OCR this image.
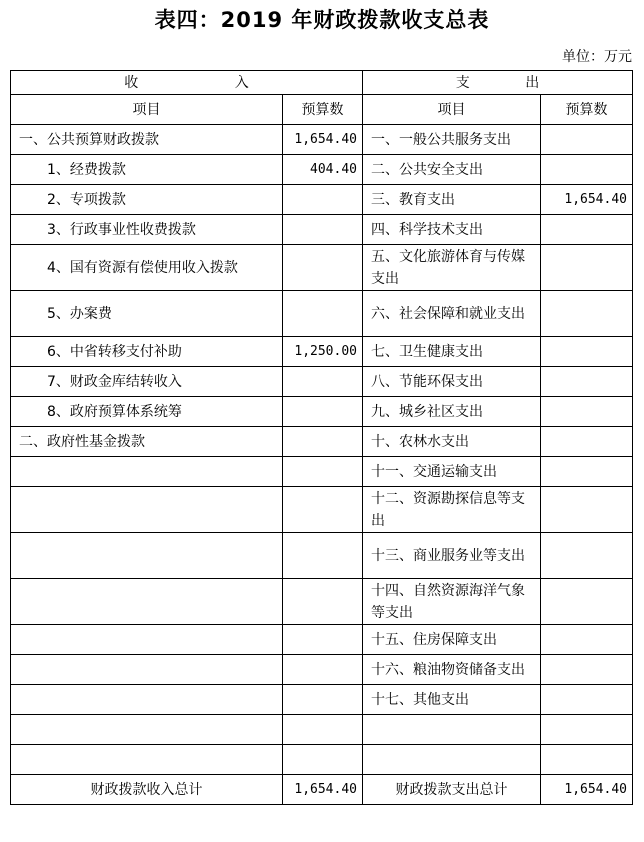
表四：2019 年财政拨款收支总表
单位：万元
收 入		支 出	

项目	预算数	项目	预算数
一、公共预算财政拨款	1,654.40	一、一般公共服务支出	
1、经费拨款	404.40	二、公共安全支出	
2、专项拨款		三、教育支出	1,654.40
3、行政事业性收费拨款		四、科学技术支出	
4、国有资源有偿使用收入拨款		五、文化旅游体育与传媒支出	
5、办案费		六、社会保障和就业支出	
6、中省转移支付补助	1,250.00	七、卫生健康支出	
7、财政金库结转收入		八、节能环保支出	
8、政府预算体系统筹		九、城乡社区支出	
二、政府性基金拨款		十、农林水支出	
		十一、交通运输支出	
		十二、资源勘探信息等支出	
		十三、商业服务业等支出	
		十四、自然资源海洋气象等支出	
		十五、住房保障支出	
		十六、粮油物资储备支出	
		十七、其他支出	

财政拨款收入总计	1,654.40	财政拨款支出总计	1,654.40
